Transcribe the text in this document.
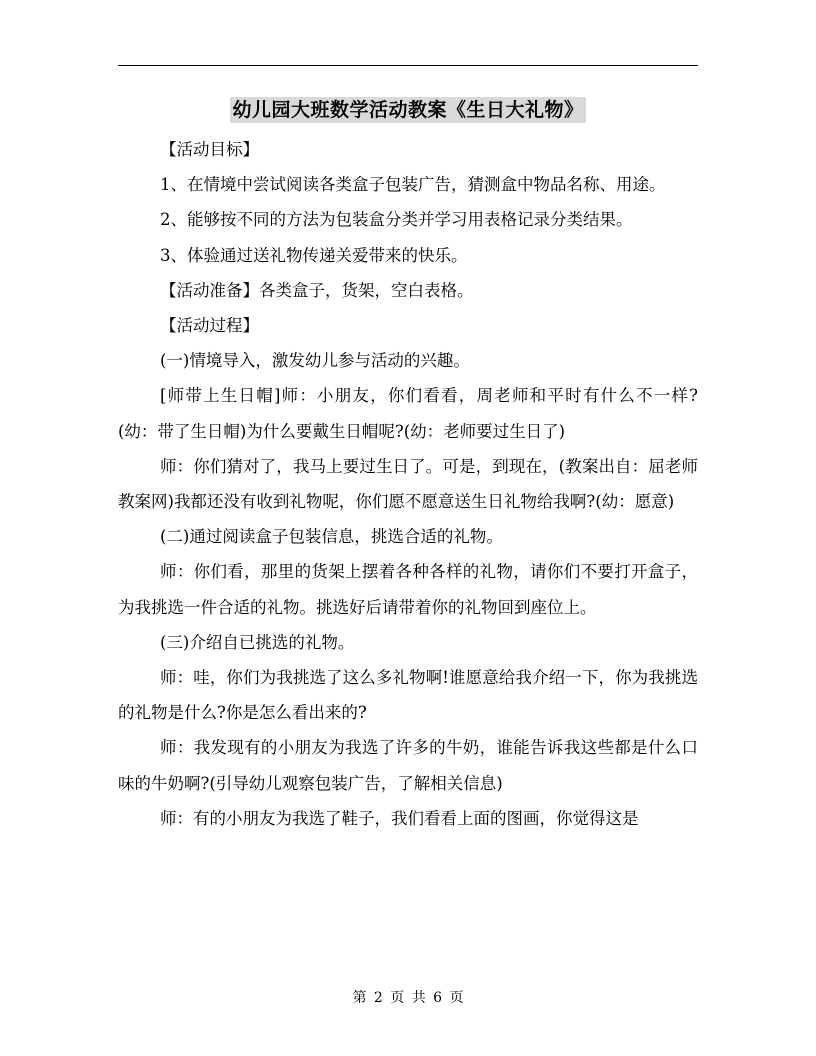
幼儿园大班数学活动教案《生日大礼物》

【活动目标】

1、在情境中尝试阅读各类盒子包装广告，猜测盒中物品名称、用途。

2、能够按不同的方法为包装盒分类并学习用表格记录分类结果。

3、体验通过送礼物传递关爱带来的快乐。

【活动准备】各类盒子，货架，空白表格。

【活动过程】

(一)情境导入，激发幼儿参与活动的兴趣。

[师带上生日帽]师：小朋友，你们看看，周老师和平时有什么不一样?(幼：带了生日帽)为什么要戴生日帽呢?(幼：老师要过生日了)

师：你们猜对了，我马上要过生日了。可是，到现在，(教案出自：屈老师教案网)我都还没有收到礼物呢，你们愿不愿意送生日礼物给我啊?(幼：愿意)

(二)通过阅读盒子包装信息，挑选合适的礼物。

师：你们看，那里的货架上摆着各种各样的礼物，请你们不要打开盒子，为我挑选一件合适的礼物。挑选好后请带着你的礼物回到座位上。

(三)介绍自已挑选的礼物。

师：哇，你们为我挑选了这么多礼物啊!谁愿意给我介绍一下，你为我挑选的礼物是什么?你是怎么看出来的?

师：我发现有的小朋友为我选了许多的牛奶，谁能告诉我这些都是什么口味的牛奶啊?(引导幼儿观察包装广告，了解相关信息)

师：有的小朋友为我选了鞋子，我们看看上面的图画，你觉得这是

第 2 页 共 6 页
